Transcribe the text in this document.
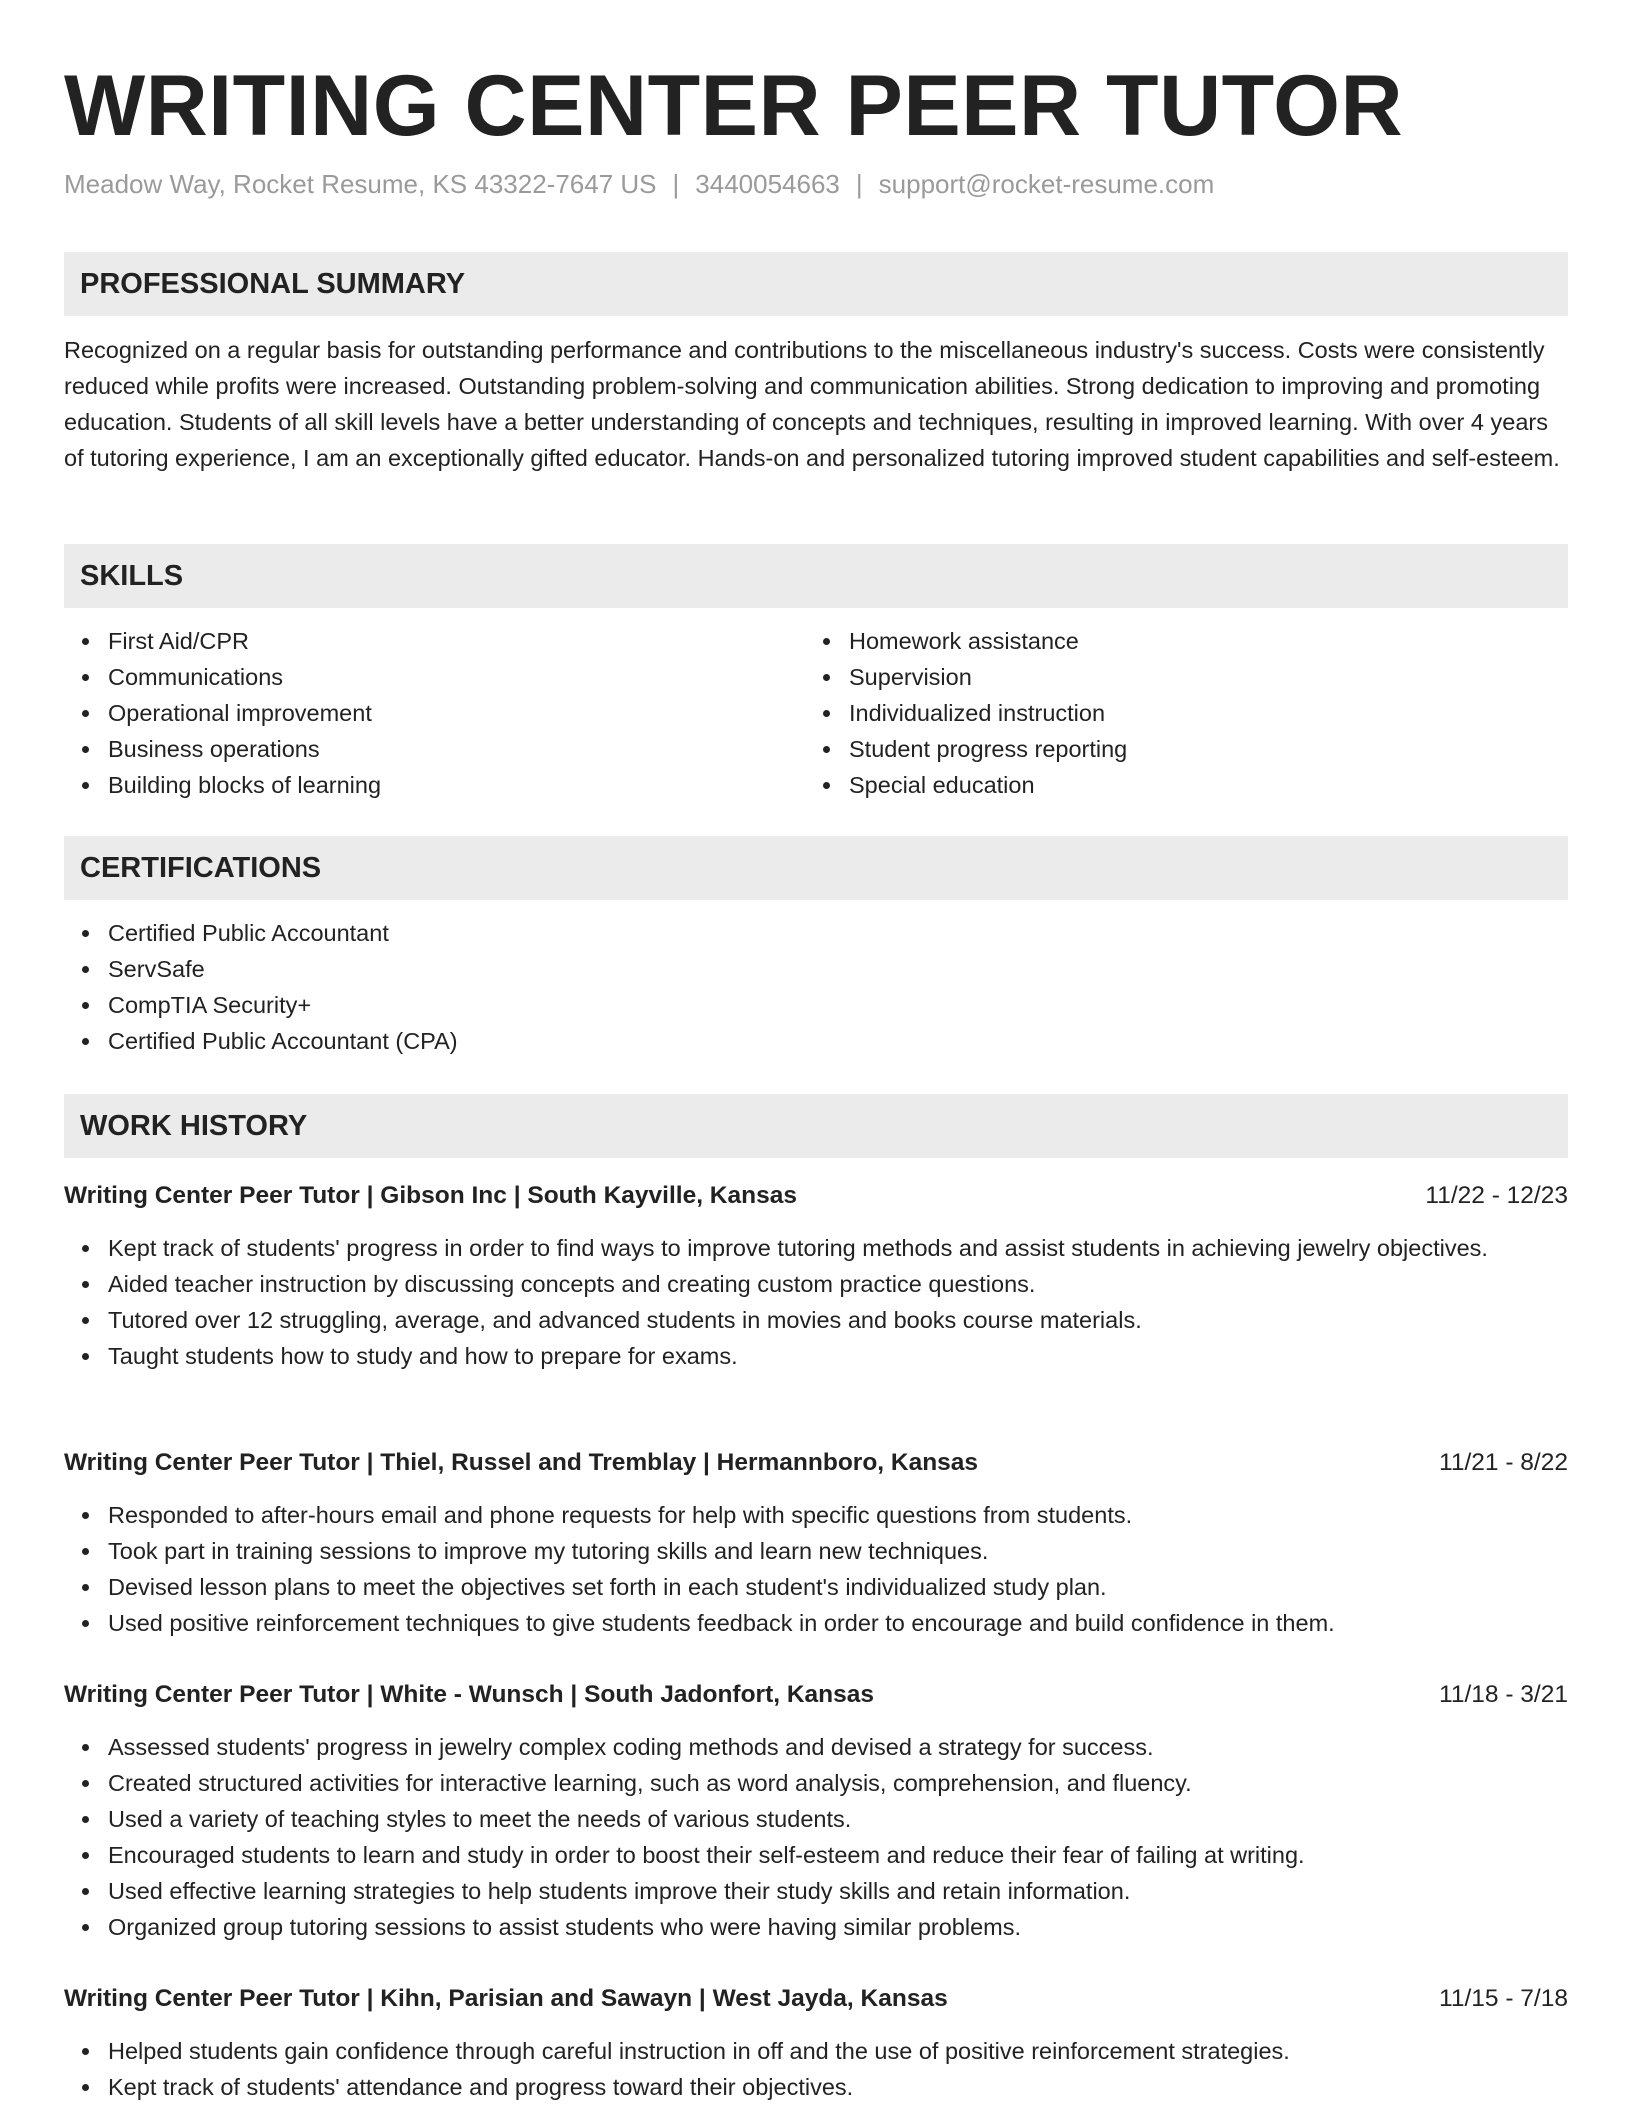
WRITING CENTER PEER TUTOR
Meadow Way, Rocket Resume, KS 43322-7647 US | 3440054663 | support@rocket-resume.com
PROFESSIONAL SUMMARY

Recognized on a regular basis for outstanding performance and contributions to the miscellaneous industry's success. Costs were consistently reduced while profits were increased. Outstanding problem-solving and communication abilities. Strong dedication to improving and promoting education. Students of all skill levels have a better understanding of concepts and techniques, resulting in improved learning. With over 4 years of tutoring experience, I am an exceptionally gifted educator. Hands-on and personalized tutoring improved student capabilities and self-esteem.

SKILLS
First Aid/CPR
Communications
Operational improvement
Business operations
Building blocks of learning
Homework assistance
Supervision
Individualized instruction
Student progress reporting
Special education
CERTIFICATIONS
Certified Public Accountant
ServSafe
CompTIA Security+
Certified Public Accountant (CPA)
WORK HISTORY
Writing Center Peer Tutor | Gibson Inc | South Kayville, Kansas	11/22 - 12/23
Kept track of students' progress in order to find ways to improve tutoring methods and assist students in achieving jewelry objectives.
Aided teacher instruction by discussing concepts and creating custom practice questions.
Tutored over 12 struggling, average, and advanced students in movies and books course materials.
Taught students how to study and how to prepare for exams.
Writing Center Peer Tutor | Thiel, Russel and Tremblay | Hermannboro, Kansas	11/21 - 8/22
Responded to after-hours email and phone requests for help with specific questions from students.
Took part in training sessions to improve my tutoring skills and learn new techniques.
Devised lesson plans to meet the objectives set forth in each student's individualized study plan.
Used positive reinforcement techniques to give students feedback in order to encourage and build confidence in them.
Writing Center Peer Tutor | White - Wunsch | South Jadonfort, Kansas	11/18 - 3/21
Assessed students' progress in jewelry complex coding methods and devised a strategy for success.
Created structured activities for interactive learning, such as word analysis, comprehension, and fluency.
Used a variety of teaching styles to meet the needs of various students.
Encouraged students to learn and study in order to boost their self-esteem and reduce their fear of failing at writing.
Used effective learning strategies to help students improve their study skills and retain information.
Organized group tutoring sessions to assist students who were having similar problems.
Writing Center Peer Tutor | Kihn, Parisian and Sawayn | West Jayda, Kansas	11/15 - 7/18
Helped students gain confidence through careful instruction in off and the use of positive reinforcement strategies.
Kept track of students' attendance and progress toward their objectives.
